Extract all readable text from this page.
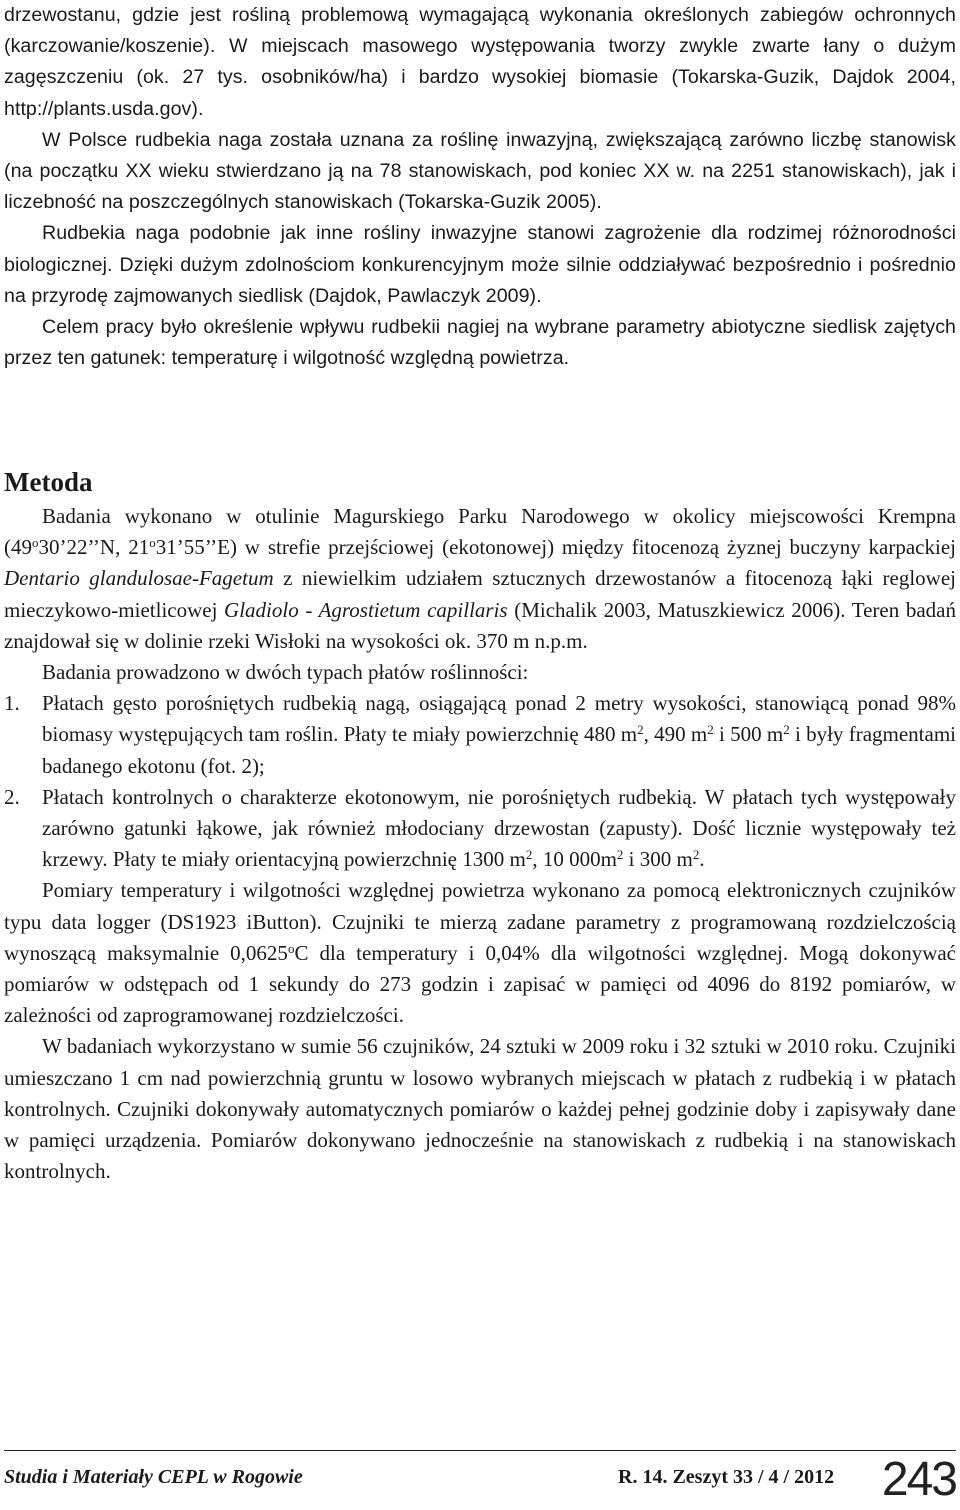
drzewostanu, gdzie jest rośliną problemową wymagającą wykonania określonych zabiegów ochronnych (karczowanie/koszenie). W miejscach masowego występowania tworzy zwykle zwarte łany o dużym zagęszczeniu (ok. 27 tys. osobników/ha) i bardzo wysokiej biomasie (Tokarska-Guzik, Dajdok 2004, http://plants.usda.gov).

W Polsce rudbekia naga została uznana za roślinę inwazyjną, zwiększającą zarówno liczbę stanowisk (na początku XX wieku stwierdzano ją na 78 stanowiskach, pod koniec XX w. na 2251 stanowiskach), jak i liczebność na poszczególnych stanowiskach (Tokarska-Guzik 2005).

Rudbekia naga podobnie jak inne rośliny inwazyjne stanowi zagrożenie dla rodzimej różnorodności biologicznej. Dzięki dużym zdolnościom konkurencyjnym może silnie oddziaływać bezpośrednio i pośrednio na przyrodę zajmowanych siedlisk (Dajdok, Pawlaczyk 2009).

Celem pracy było określenie wpływu rudbekii nagiej na wybrane parametry abiotyczne siedlisk zajętych przez ten gatunek: temperaturę i wilgotność względną powietrza.

Metoda

Badania wykonano w otulinie Magurskiego Parku Narodowego w okolicy miejscowości Krempna (49$^o$30’22’’N, 21$^o$31’55’’E) w strefie przejściowej (ekotonowej) między fitocenozą żyznej buczyny karpackiej Dentario glandulosae-Fagetum z niewielkim udziałem sztucznych drzewostanów a fitocenozą łąki reglowej mieczykowo-mietlicowej Gladiolo - Agrostietum capillaris (Michalik 2003, Matuszkiewicz 2006). Teren badań znajdował się w dolinie rzeki Wisłoki na wysokości ok. 370 m n.p.m.

Badania prowadzono w dwóch typach płatów roślinności:

1. Płatach gęsto porośniętych rudbekią nagą, osiągającą ponad 2 metry wysokości, stanowiącą ponad 98% biomasy występujących tam roślin. Płaty te miały powierzchnię 480 $m^2$, 490 $m^2$ i 500 $m^2$ i były fragmentami badanego ekotonu (fot. 2);

2. Płatach kontrolnych o charakterze ekotonowym, nie porośniętych rudbekią. W płatach tych występowały zarówno gatunki łąkowe, jak również młodociany drzewostan (zapusty). Dość licznie występowały też krzewy. Płaty te miały orientacyjną powierzchnię 1300 $m^2$, 10 $000m^2$ i 300 $m^2$.

Pomiary temperatury i wilgotności względnej powietrza wykonano za pomocą elektronicznych czujników typu data logger (DS1923 iButton). Czujniki te mierzą zadane parametry z programowaną rozdzielczością wynoszącą maksymalnie 0,0625$^o$C dla temperatury i 0,04% dla wilgotności względnej. Mogą dokonywać pomiarów w odstępach od 1 sekundy do 273 godzin i zapisać w pamięci od 4096 do 8192 pomiarów, w zależności od zaprogramowanej rozdzielczości.

W badaniach wykorzystano w sumie 56 czujników, 24 sztuki w 2009 roku i 32 sztuki w 2010 roku. Czujniki umieszczano 1 cm nad powierzchnią gruntu w losowo wybranych miejscach w płatach z rudbekią i w płatach kontrolnych. Czujniki dokonywały automatycznych pomiarów o każdej pełnej godzinie doby i zapisywały dane w pamięci urządzenia. Pomiarów dokonywano jednocześnie na stanowiskach z rudbekią i na stanowiskach kontrolnych.

Studia i Materiały CEPL w Rogowie	R. 14. Zeszyt 33 / 4 / 2012 243
